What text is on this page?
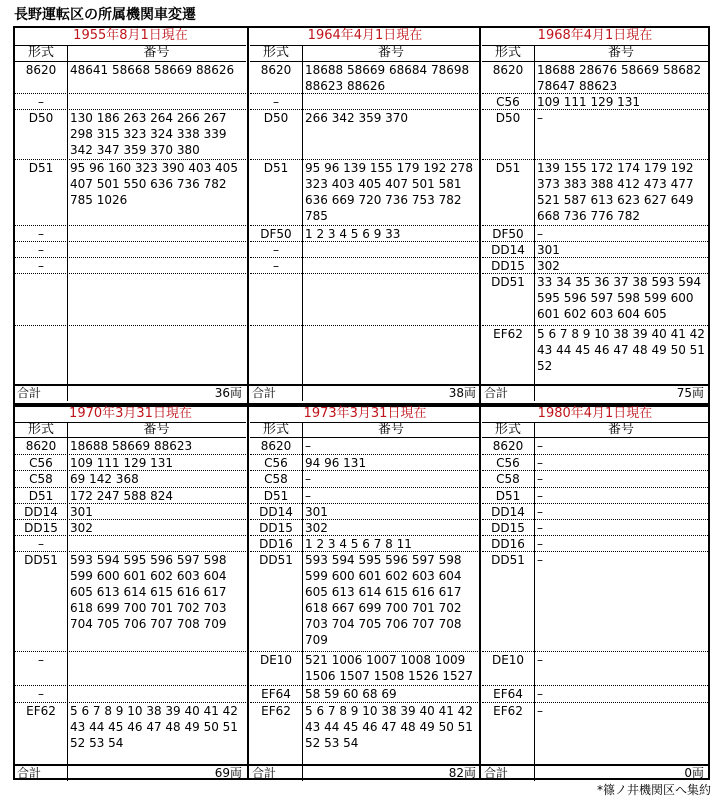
長野運転区の所属機関車変遷
1955年8月1日現在
形式	番号
8620	48641 58668 58669 88626
–
D50	130 186 263 264 266 267 298 315 323 324 338 339 342 347 359 370 380
D51	95 96 160 323 390 403 405 407 501 550 636 736 782 785 1026
–
–
–
合計	36両
1964年4月1日現在
形式	番号
8620	18688 58669 68684 78698 88623 88626
–
D50	266 342 359 370
D51	95 96 139 155 179 192 278 323 403 405 407 501 581 636 669 720 736 753 782 785
DF50	1 2 3 4 5 6 9 33
–
–
合計	38両
1968年4月1日現在
形式	番号
8620	18688 28676 58669 58682 78647 88623
C56	109 111 129 131
D50	–
D51	139 155 172 174 179 192 373 383 388 412 473 477 521 587 613 623 627 649 668 736 776 782
DF50	–
DD14	301
DD15	302
DD51	33 34 35 36 37 38 593 594 595 596 597 598 599 600 601 602 603 604 605
EF62	5 6 7 8 9 10 38 39 40 41 42 43 44 45 46 47 48 49 50 51 52
合計	75両
1970年3月31日現在
形式	番号
8620	18688 58669 88623
C56	109 111 129 131
C58	69 142 368
D51	172 247 588 824
DD14	301
DD15	302
–
DD51	593 594 595 596 597 598 599 600 601 602 603 604 605 613 614 615 616 617 618 699 700 701 702 703 704 705 706 707 708 709
–
–
EF62	5 6 7 8 9 10 38 39 40 41 42 43 44 45 46 47 48 49 50 51 52 53 54
合計	69両
1973年3月31日現在
形式	番号
8620	–
C56	94 96 131
C58	–
D51	–
DD14	301
DD15	302
DD16	1 2 3 4 5 6 7 8 11
DD51	593 594 595 596 597 598 599 600 601 602 603 604 605 613 614 615 616 617 618 667 699 700 701 702 703 704 705 706 707 708 709
DE10	521 1006 1007 1008 1009 1506 1507 1508 1526 1527
EF64	58 59 60 68 69
EF62	5 6 7 8 9 10 38 39 40 41 42 43 44 45 46 47 48 49 50 51 52 53 54
合計	82両
1980年4月1日現在
形式	番号
8620	–
C56	–
C58	–
D51	–
DD14	–
DD15	–
DD16	–
DD51	–
DE10	–
EF64	–
EF62	–
合計	0両
*篠ノ井機関区へ集約
